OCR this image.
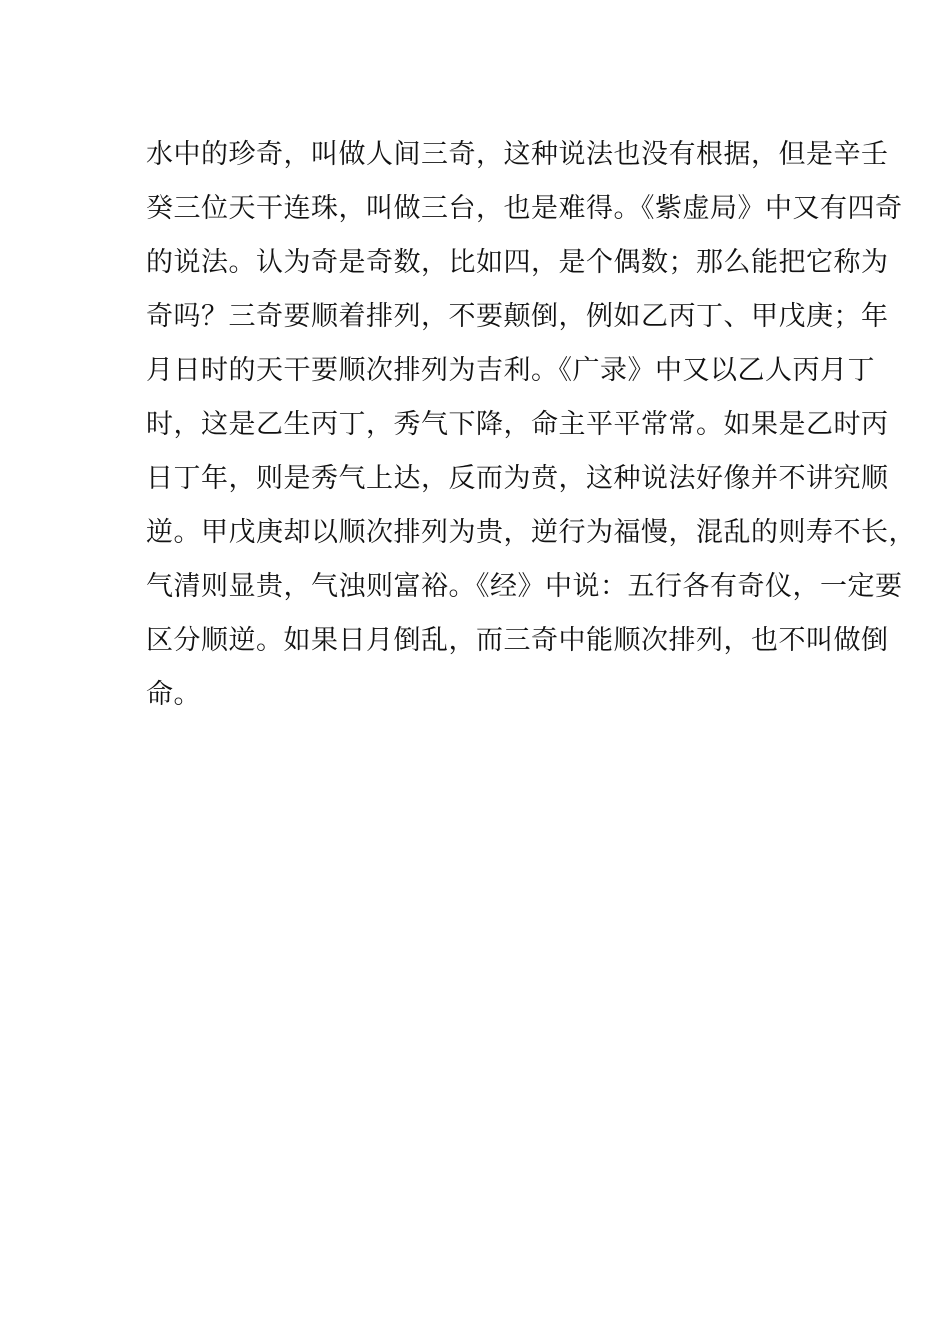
水中的珍奇，叫做人间三奇，这种说法也没有根据，但是辛壬
癸三位天干连珠，叫做三台，也是难得。《紫虚局》中又有四奇
的说法。认为奇是奇数，比如四，是个偶数；那么能把它称为
奇吗？三奇要顺着排列，不要颠倒，例如乙丙丁、甲戊庚；年
月日时的天干要顺次排列为吉利。《广录》中又以乙人丙月丁
时，这是乙生丙丁，秀气下降，命主平平常常。如果是乙时丙
日丁年，则是秀气上达，反而为贲，这种说法好像并不讲究顺
逆。甲戊庚却以顺次排列为贵，逆行为福慢，混乱的则寿不长，
气清则显贵，气浊则富裕。《经》中说：五行各有奇仪，一定要
区分顺逆。如果日月倒乱，而三奇中能顺次排列，也不叫做倒
命。
